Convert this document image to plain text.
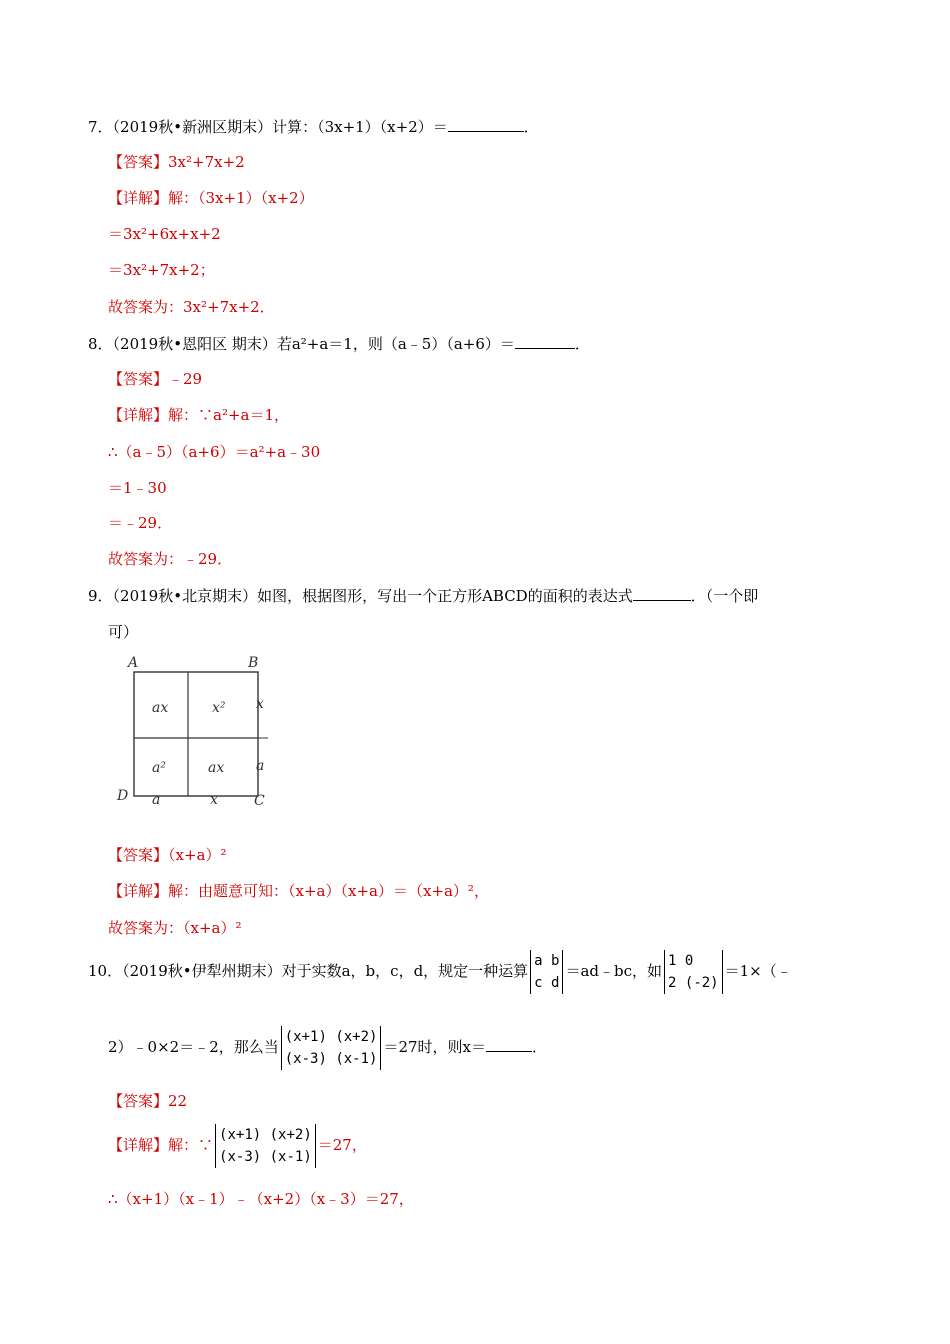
7．（2019秋•新洲区期末）计算：（3x+1）（x+2）＝	．
【答案】3x²+7x+2
【详解】解：（3x+1）（x+2）
＝3x²+6x+x+2
＝3x²+7x+2；
故答案为：3x²+7x+2．
8．（2019秋•恩阳区 期末）若a²+a＝1，则（a﹣5）（a+6）＝	．
【答案】﹣29
【详解】解：∵a²+a＝1，
∴（a﹣5）（a+6）＝a²+a﹣30
＝1﹣30
＝﹣29．
故答案为：﹣29．
9．（2019秋•北京期末）如图，根据图形，写出一个正方形ABCD的面积的表达式	．（一个即
可）
A	B
C
D
ax	x²
a²	ax
x
a
a	x
【答案】（x+a）²
【详解】解：由题意可知：（x+a）（x+a）＝（x+a）²，
故答案为：（x+a）²
10．（2019秋•伊犁州期末）对于实数a，b，c，d，规定一种运算
a b
c d
＝ad﹣bc，如
1 0
2 (-2)
＝1×（﹣
2）﹣0×2＝﹣2，那么当
(x+1) (x+2)
(x-3) (x-1)
＝27时，则x＝	．
【答案】22
【详解】解：∵
(x+1) (x+2)
(x-3) (x-1)
＝27，
∴（x+1）（x﹣1）﹣（x+2）（x﹣3）＝27，
